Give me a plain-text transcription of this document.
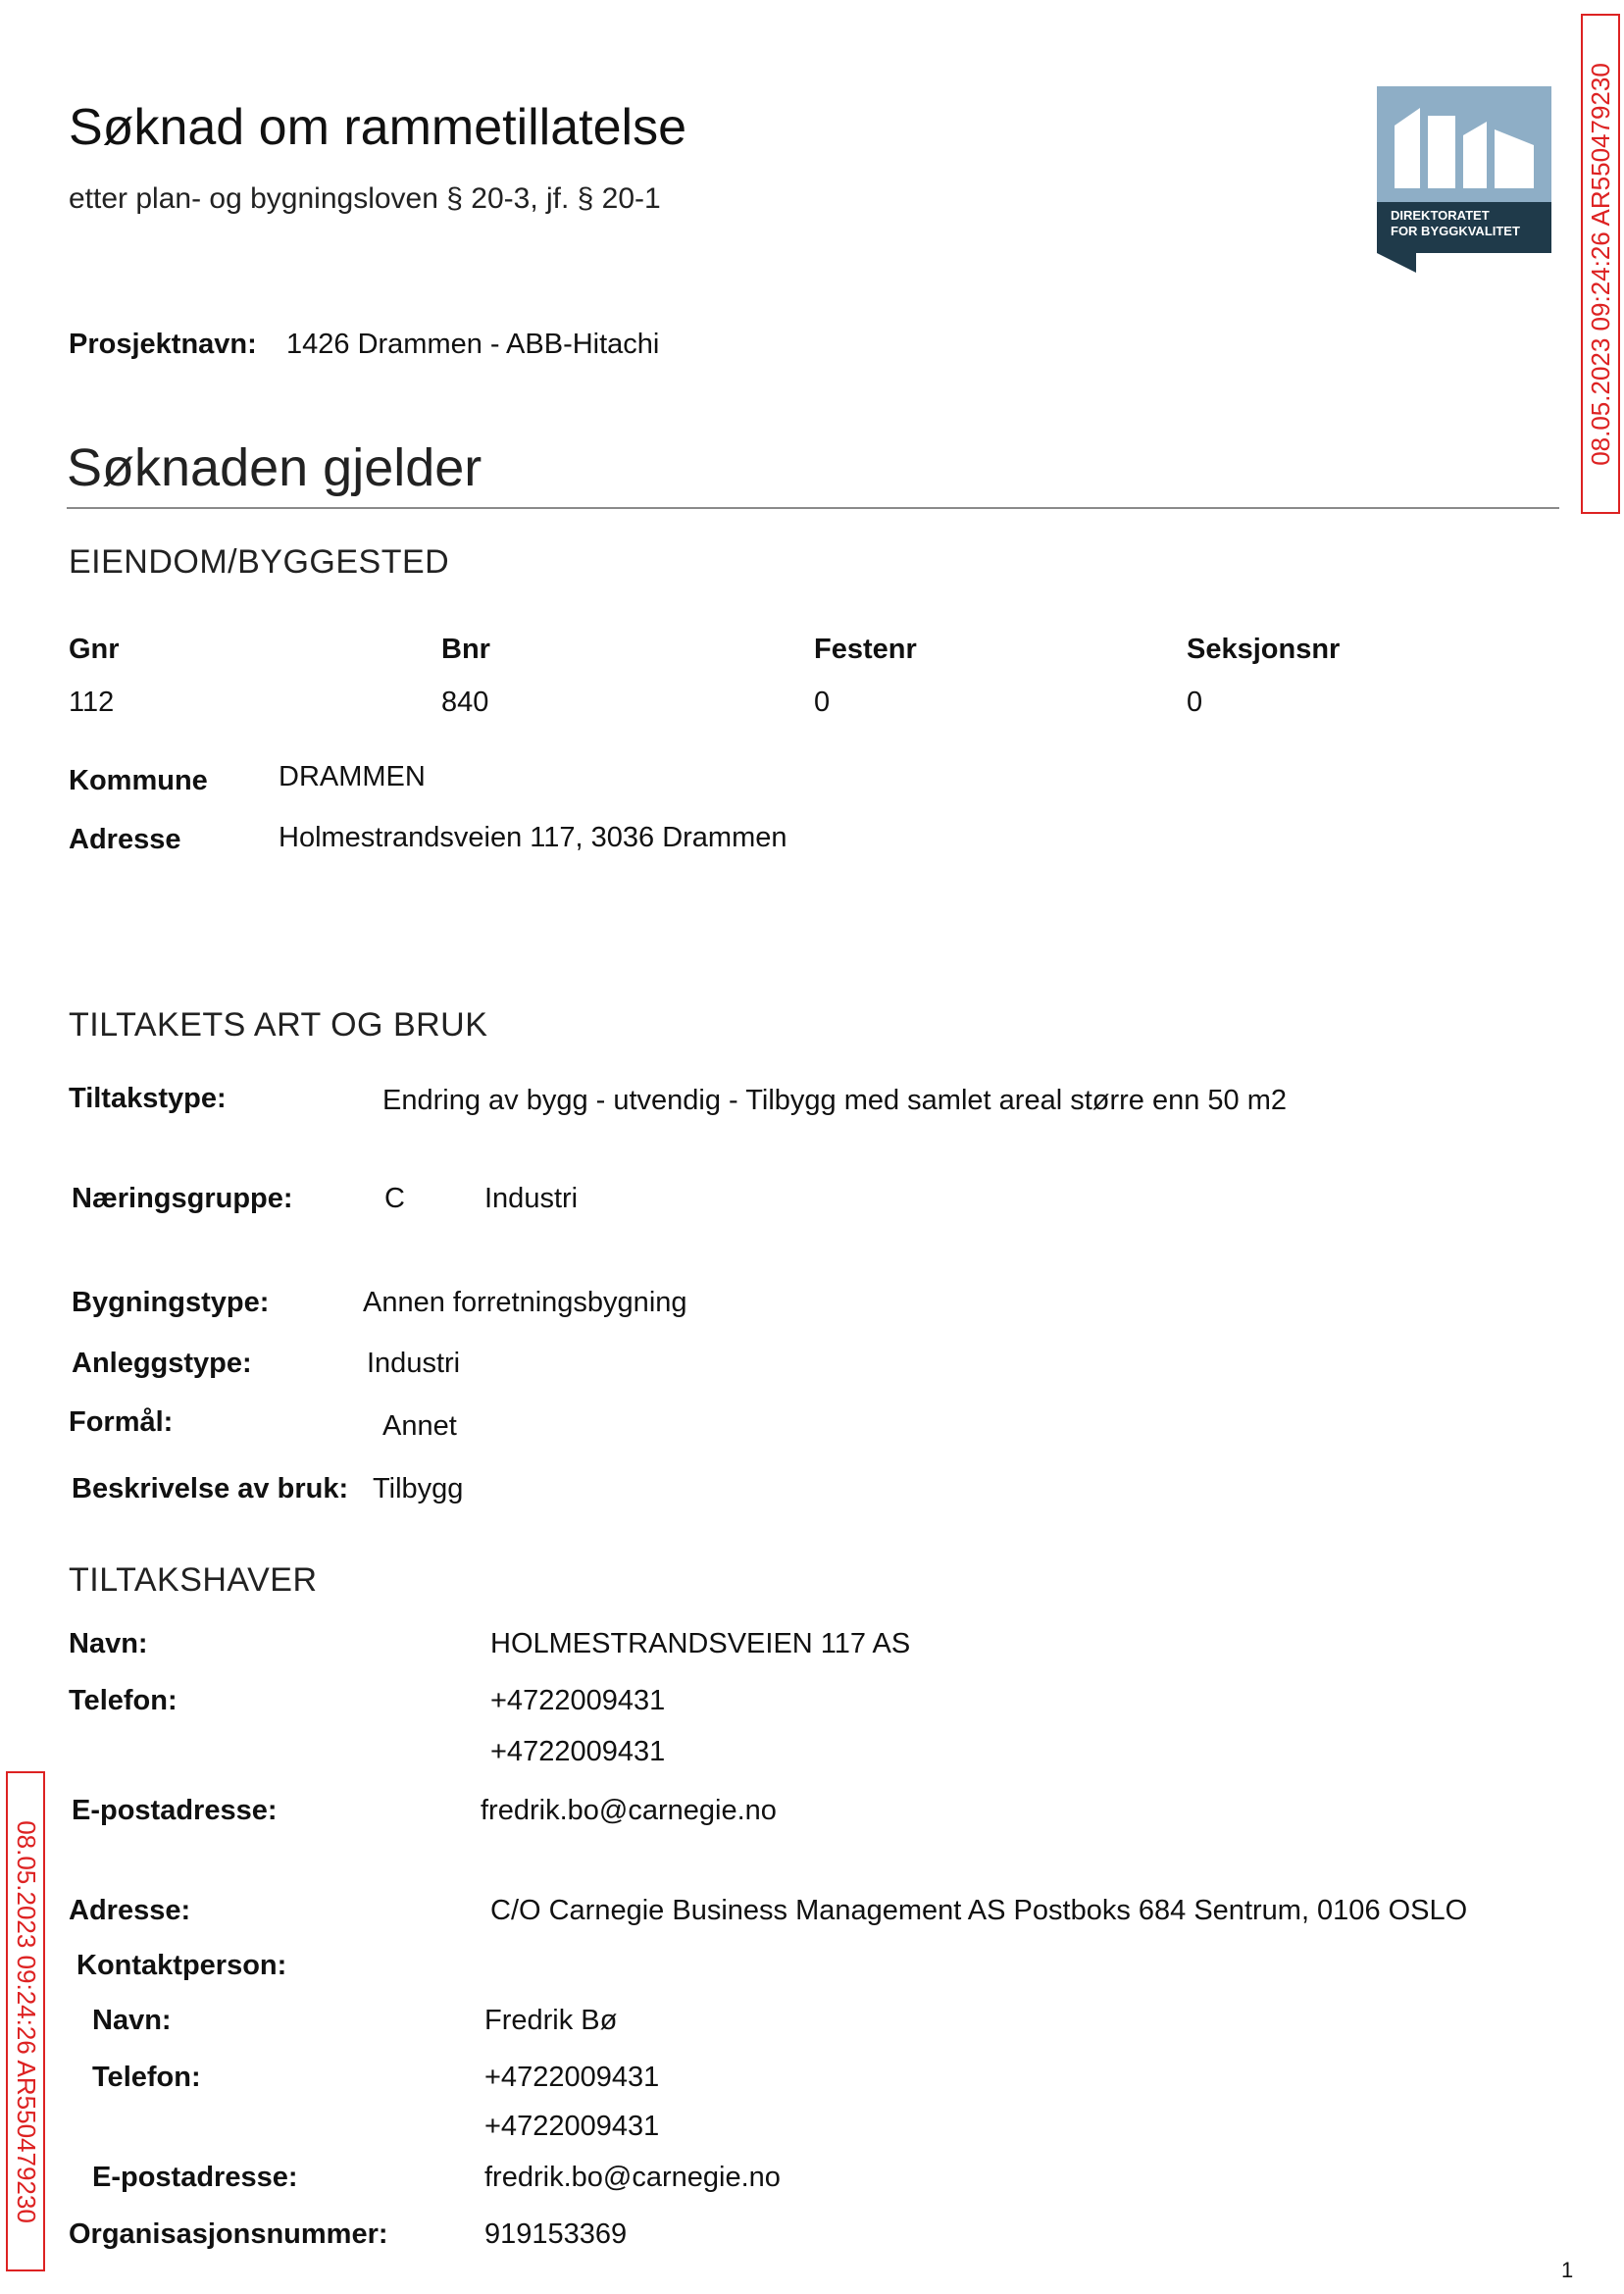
Søknad om rammetillatelse
etter plan- og bygningsloven § 20-3, jf. § 20-1
DIREKTORATET
FOR BYGGKVALITET	08.05.2023 09:24:26 AR550479230
08.05.2023 09:24:26 AR550479230
Prosjektnavn: 1426 Drammen - ABB-Hitachi
Søknaden gjelder
EIENDOM/BYGGESTED
Gnr	Bnr	Festenr	Seksjonsnr
112	840	0	0
Kommune DRAMMEN
Adresse	Holmestrandsveien 117, 3036 Drammen
TILTAKETS ART OG BRUK
Tiltakstype:	Endring av bygg - utvendig - Tilbygg med samlet areal større enn 50 m2
Næringsgruppe:	C	Industri
Bygningstype:	Annen forretningsbygning
Anleggstype:	Industri
Formål:	Annet
Beskrivelse av bruk: Tilbygg
TILTAKSHAVER
Navn:	HOLMESTRANDSVEIEN 117 AS
Telefon:	+4722009431
+4722009431
E-postadresse:	fredrik.bo@carnegie.no
Adresse:	C/O Carnegie Business Management AS Postboks 684 Sentrum, 0106 OSLO
Kontaktperson:
Navn:	Fredrik Bø
Telefon:	+4722009431
+4722009431
E-postadresse:	fredrik.bo@carnegie.no
Organisasjonsnummer:	919153369
1
